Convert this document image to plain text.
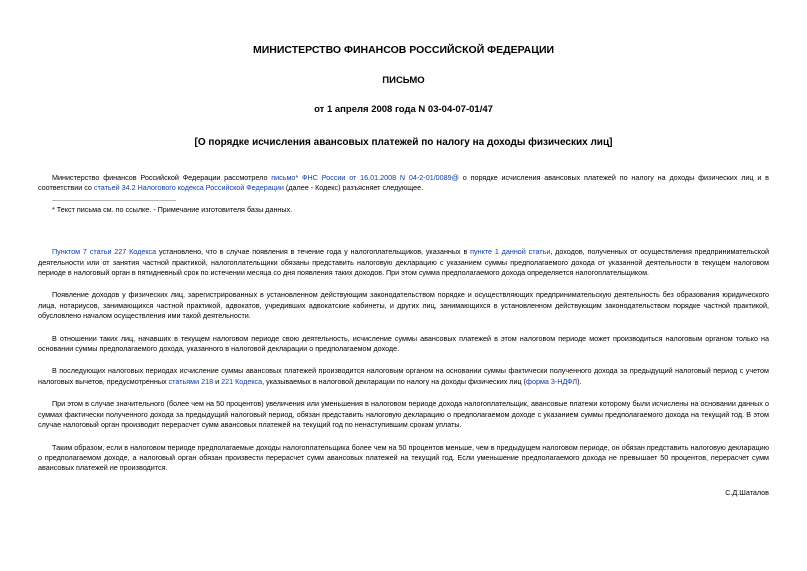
МИНИСТЕРСТВО ФИНАНСОВ РОССИЙСКОЙ ФЕДЕРАЦИИ
ПИСЬМО
от 1 апреля 2008 года N 03-04-07-01/47
[О порядке исчисления авансовых платежей по налогу на доходы физических лиц]

Министерство финансов Российской Федерации рассмотрело письмо* ФНС России от 16.01.2008 N 04-2-01/0089@ о порядке исчисления авансовых платежей по налогу на доходы физических лиц и в соответствии со статьей 34.2 Налогового кодекса Российской Федерации (далее - Кодекс) разъясняет следующее.

* Текст письма см. по ссылке. - Примечание изготовителя базы данных.

Пунктом 7 статьи 227 Кодекса установлено, что в случае появления в течение года у налогоплательщиков, указанных в пункте 1 данной статьи, доходов, полученных от осуществления предпринимательской деятельности или от занятия частной практикой, налогоплательщики обязаны представить налоговую декларацию с указанием суммы предполагаемого дохода от указанной деятельности в текущем налоговом периоде в налоговый орган в пятидневный срок по истечении месяца со дня появления таких доходов. При этом сумма предполагаемого дохода определяется налогоплательщиком.

Появление доходов у физических лиц, зарегистрированных в установленном действующим законодательством порядке и осуществляющих предпринимательскую деятельность без образования юридического лица, нотариусов, занимающихся частной практикой, адвокатов, учредивших адвокатские кабинеты, и других лиц, занимающихся в установленном действующим законодательством порядке частной практикой, обусловлено началом осуществления ими такой деятельности.

В отношении таких лиц, начавших в текущем налоговом периоде свою деятельность, исчисление суммы авансовых платежей в этом налоговом периоде может производиться налоговым органом только на основании суммы предполагаемого дохода, указанного в налоговой декларации о предполагаемом доходе.

В последующих налоговых периодах исчисление суммы авансовых платежей производится налоговым органом на основании суммы фактически полученного дохода за предыдущий налоговый период с учетом налоговых вычетов, предусмотренных статьями 218 и 221 Кодекса, указываемых в налоговой декларации по налогу на доходы физических лиц (форма 3-НДФЛ).

При этом в случае значительного (более чем на 50 процентов) увеличения или уменьшения в налоговом периоде дохода налогоплательщик, авансовые платежи которому были исчислены на основании данных о суммах фактически полученного дохода за предыдущий налоговый период, обязан представить налоговую декларацию о предполагаемом доходе с указанием суммы предполагаемого дохода на текущий год. В этом случае налоговый орган производит перерасчет сумм авансовых платежей на текущий год по ненаступившим срокам уплаты.

Таким образом, если в налоговом периоде предполагаемые доходы налогоплательщика более чем на 50 процентов меньше, чем в предыдущем налоговом периоде, он обязан представить налоговую декларацию о предполагаемом доходе, а налоговый орган обязан произвести перерасчет сумм авансовых платежей на текущий год. Если уменьшение предполагаемого дохода не превышает 50 процентов, перерасчет сумм авансовых платежей не производится.

С.Д.Шаталов
